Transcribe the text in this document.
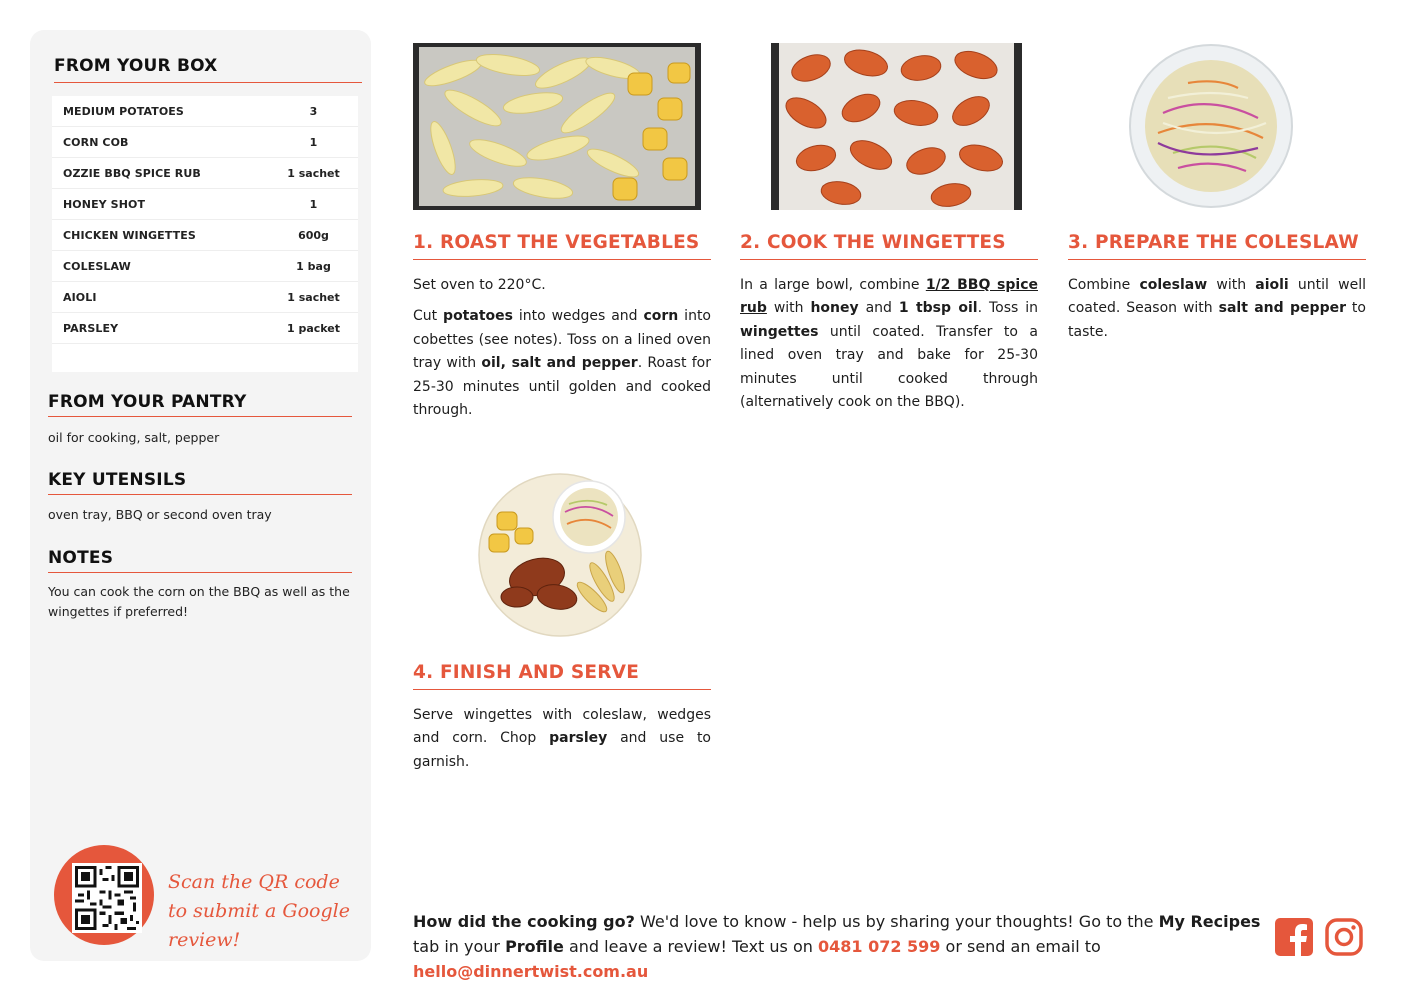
FROM YOUR BOX
MEDIUM POTATOES	3
CORN COB	1
OZZIE BBQ SPICE RUB	1 sachet
HONEY SHOT	1
CHICKEN WINGETTES	600g
COLESLAW	1 bag
AIOLI	1 sachet
PARSLEY	1 packet
FROM YOUR PANTRY
oil for cooking, salt, pepper
KEY UTENSILS
oven tray, BBQ or second oven tray
NOTES
You can cook the corn on the BBQ as well as the wingettes if preferred!
Scan the QR code to submit a Google review!
1. ROAST THE VEGETABLES

Set oven to 220°C.

Cut potatoes into wedges and corn into cobettes (see notes). Toss on a lined oven tray with oil, salt and pepper. Roast for 25-30 minutes until golden and cooked through.

2. COOK THE WINGETTES

In a large bowl, combine 1/2 BBQ spice rub with honey and 1 tbsp oil. Toss in wingettes until coated. Transfer to a lined oven tray and bake for 25-30 minutes until cooked through (alternatively cook on the BBQ).

3. PREPARE THE COLESLAW

Combine coleslaw with aioli until well coated. Season with salt and pepper to taste.

4. FINISH AND SERVE

Serve wingettes with coleslaw, wedges and corn. Chop parsley and use to garnish.

How did the cooking go? We'd love to know - help us by sharing your thoughts! Go to the My Recipes tab in your Profile and leave a review! Text us on 0481 072 599 or send an email to hello@dinnertwist.com.au
